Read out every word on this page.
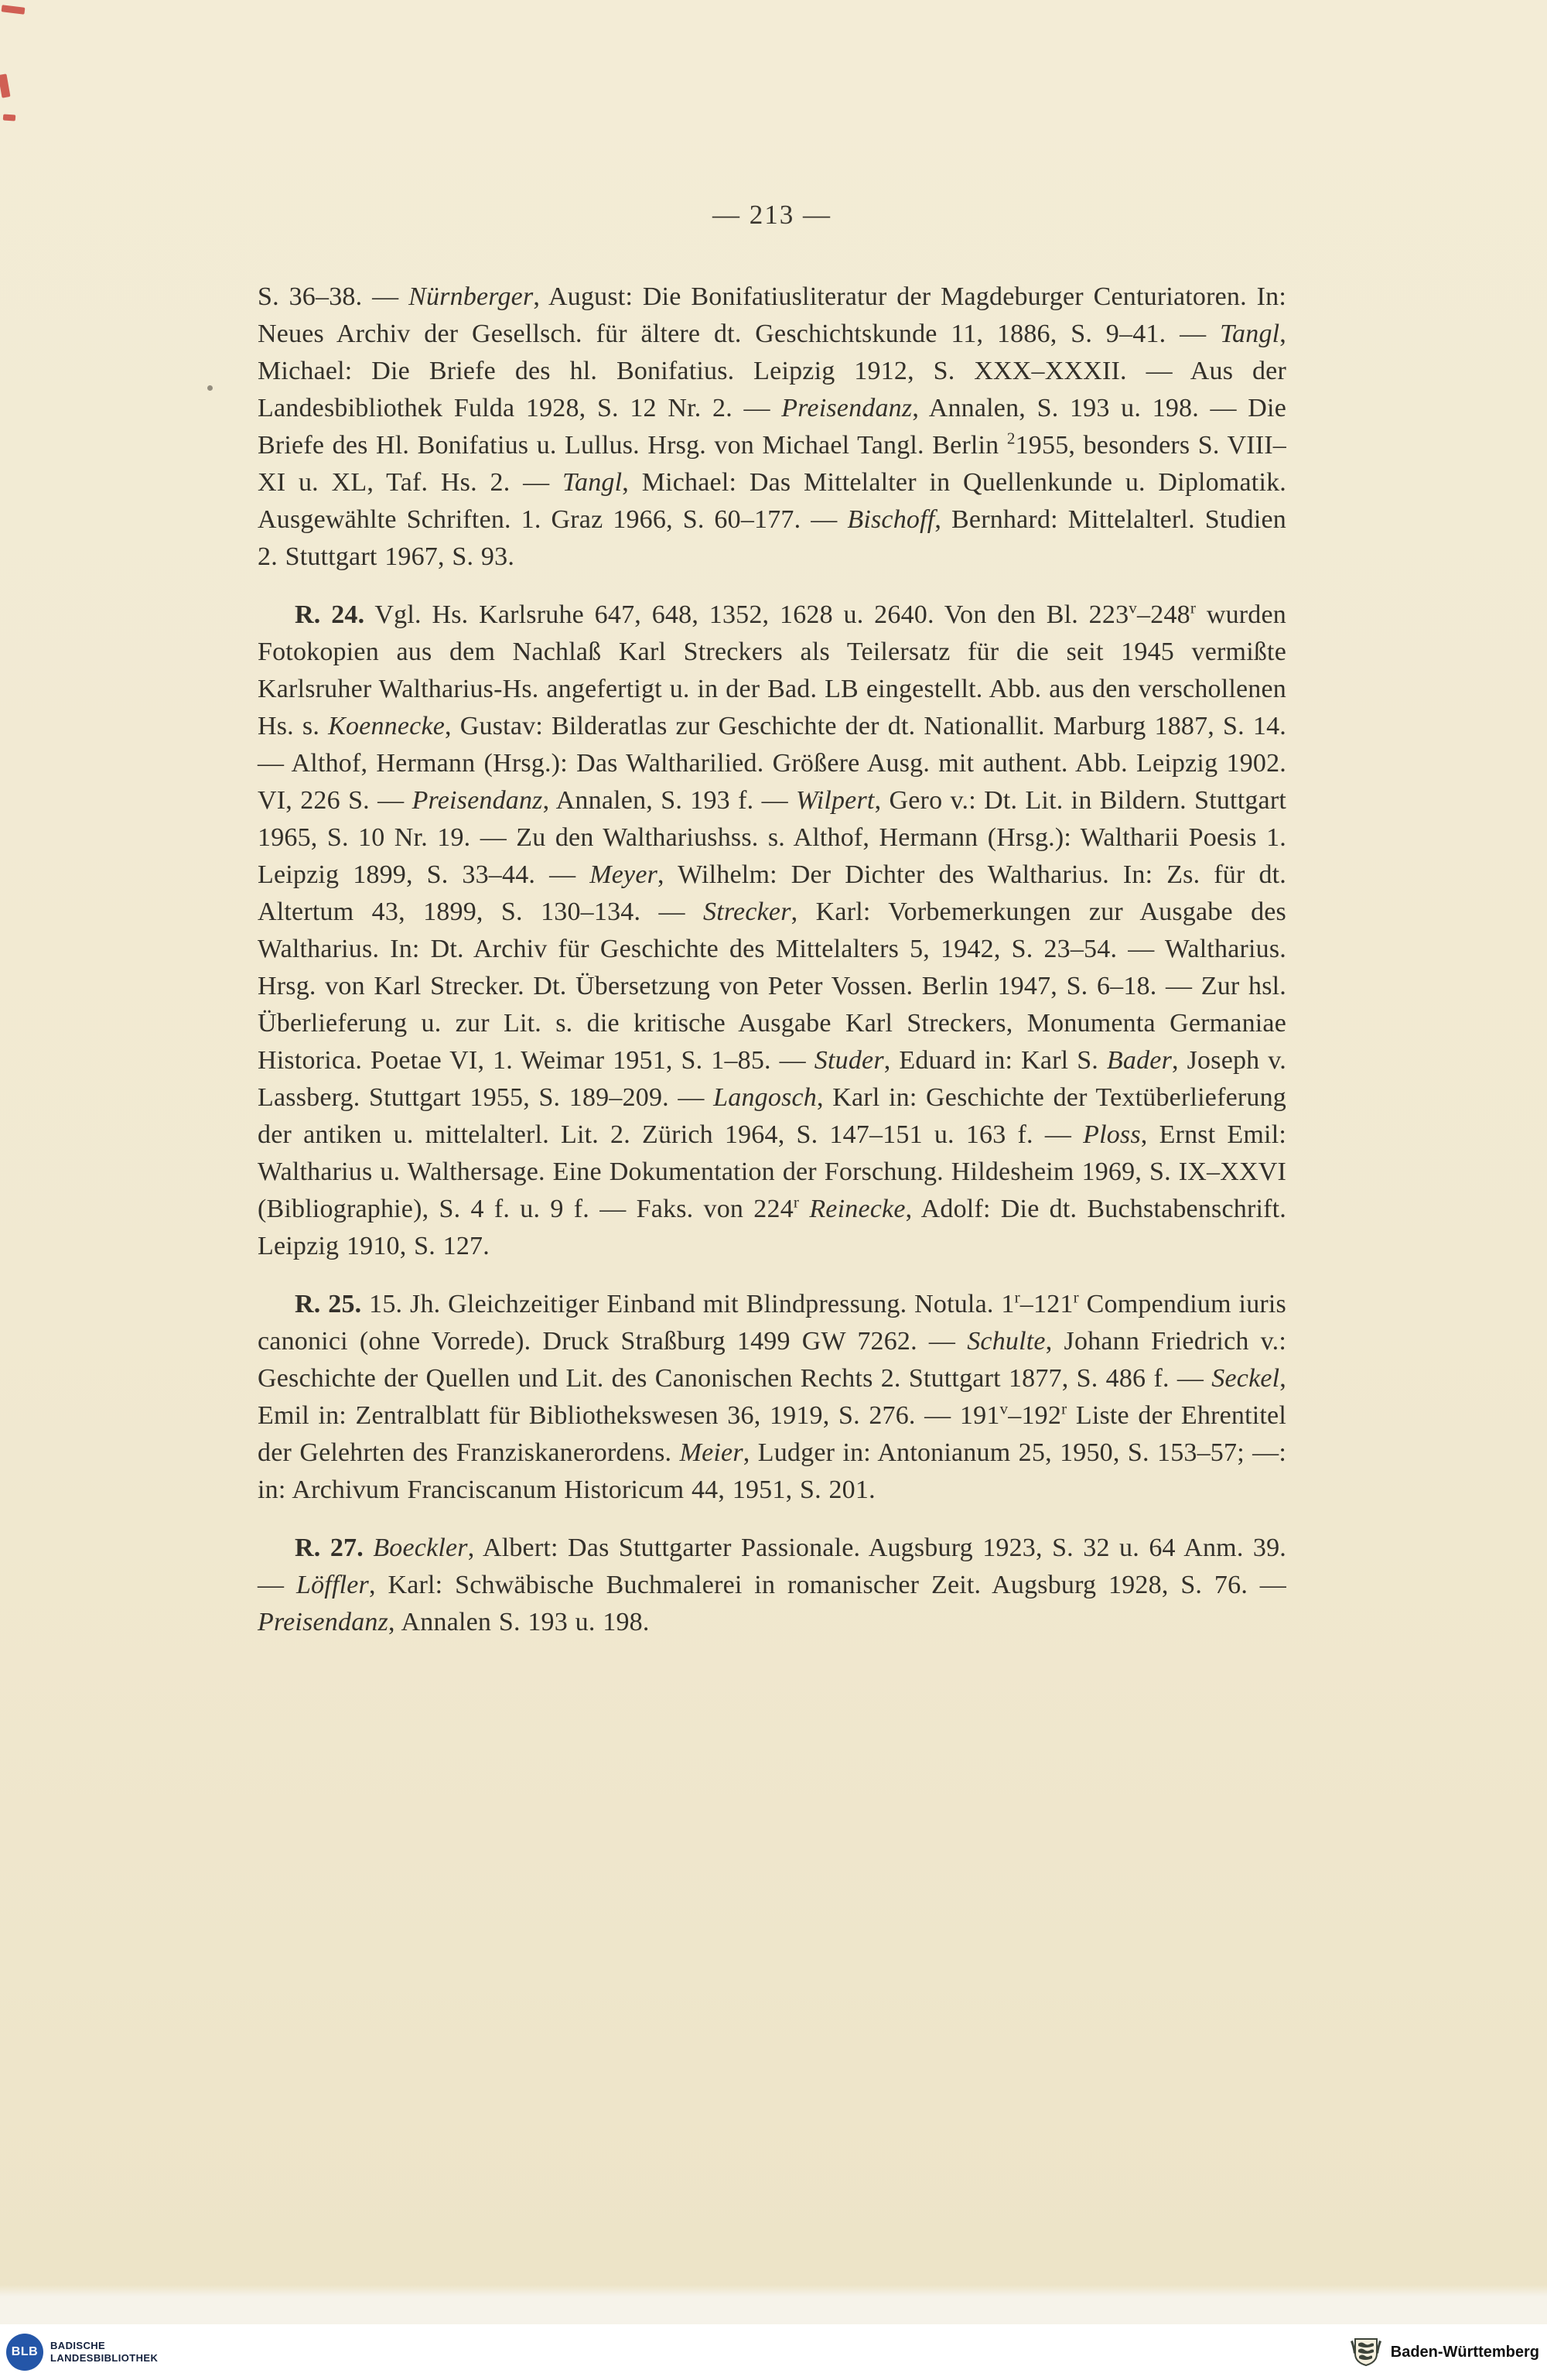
— 213 —

S. 36–38. — Nürnberger, August: Die Bonifatiusliteratur der Magdeburger Centuriatoren. In: Neues Archiv der Gesellsch. für ältere dt. Geschichtskunde 11, 1886, S. 9–41. — Tangl, Michael: Die Briefe des hl. Bonifatius. Leipzig 1912, S. XXX–XXXII. — Aus der Landesbibliothek Fulda 1928, S. 12 Nr. 2. — Preisendanz, Annalen, S. 193 u. 198. — Die Briefe des Hl. Bonifatius u. Lullus. Hrsg. von Michael Tangl. Berlin $^2$1955, besonders S. VIII–XI u. XL, Taf. Hs. 2. — Tangl, Michael: Das Mittelalter in Quellenkunde u. Diplomatik. Ausgewählte Schriften. 1. Graz 1966, S. 60–177. — Bischoff, Bernhard: Mittelalterl. Studien 2. Stuttgart 1967, S. 93.

R. 24. Vgl. Hs. Karlsruhe 647, 648, 1352, 1628 u. 2640. Von den Bl. 223$^v$–248$^r$ wurden Fotokopien aus dem Nachlaß Karl Streckers als Teilersatz für die seit 1945 vermißte Karlsruher Waltharius-Hs. angefertigt u. in der Bad. LB eingestellt. Abb. aus den verschollenen Hs. s. Koennecke, Gustav: Bilderatlas zur Geschichte der dt. Nationallit. Marburg 1887, S. 14. — Althof, Hermann (Hrsg.): Das Waltharilied. Größere Ausg. mit authent. Abb. Leipzig 1902. VI, 226 S. — Preisendanz, Annalen, S. 193 f. — Wilpert, Gero v.: Dt. Lit. in Bildern. Stuttgart 1965, S. 10 Nr. 19. — Zu den Walthariushss. s. Althof, Hermann (Hrsg.): Waltharii Poesis 1. Leipzig 1899, S. 33–44. — Meyer, Wilhelm: Der Dichter des Waltharius. In: Zs. für dt. Altertum 43, 1899, S. 130–134. — Strecker, Karl: Vorbemerkungen zur Ausgabe des Waltharius. In: Dt. Archiv für Geschichte des Mittelalters 5, 1942, S. 23–54. — Waltharius. Hrsg. von Karl Strecker. Dt. Übersetzung von Peter Vossen. Berlin 1947, S. 6–18. — Zur hsl. Überlieferung u. zur Lit. s. die kritische Ausgabe Karl Streckers, Monumenta Germaniae Historica. Poetae VI, 1. Weimar 1951, S. 1–85. — Studer, Eduard in: Karl S. Bader, Joseph v. Lassberg. Stuttgart 1955, S. 189–209. — Langosch, Karl in: Geschichte der Textüberlieferung der antiken u. mittelalterl. Lit. 2. Zürich 1964, S. 147–151 u. 163 f. — Ploss, Ernst Emil: Waltharius u. Walthersage. Eine Dokumentation der Forschung. Hildesheim 1969, S. IX–XXVI (Bibliographie), S. 4 f. u. 9 f. — Faks. von 224$^r$ Reinecke, Adolf: Die dt. Buchstabenschrift. Leipzig 1910, S. 127.

R. 25. 15. Jh. Gleichzeitiger Einband mit Blindpressung. Notula. 1$^r$–121$^r$ Compendium iuris canonici (ohne Vorrede). Druck Straßburg 1499 GW 7262. — Schulte, Johann Friedrich v.: Geschichte der Quellen und Lit. des Canonischen Rechts 2. Stuttgart 1877, S. 486 f. — Seckel, Emil in: Zentralblatt für Bibliothekswesen 36, 1919, S. 276. — 191$^v$–192$^r$ Liste der Ehrentitel der Gelehrten des Franziskanerordens. Meier, Ludger in: Antonianum 25, 1950, S. 153–57; —: in: Archivum Franciscanum Historicum 44, 1951, S. 201.

R. 27. Boeckler, Albert: Das Stuttgarter Passionale. Augsburg 1923, S. 32 u. 64 Anm. 39. — Löffler, Karl: Schwäbische Buchmalerei in romanischer Zeit. Augsburg 1928, S. 76. — Preisendanz, Annalen S. 193 u. 198.

BLB BADISCHE
LANDESBIBLIOTHEK	Baden-Württemberg
